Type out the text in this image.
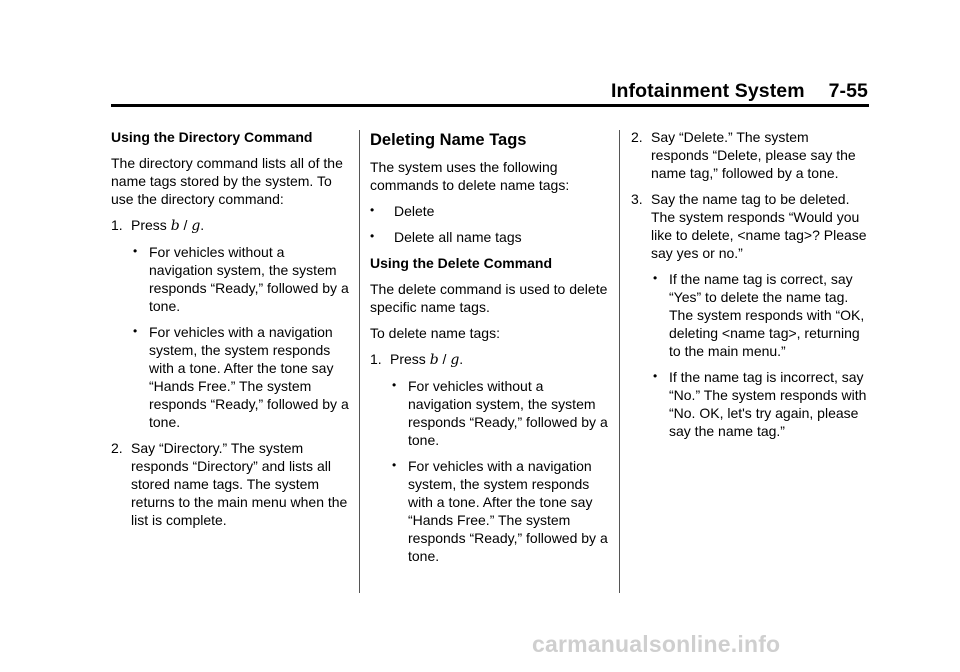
Infotainment System 7-55

Using the Directory Command

The directory command lists all of the name tags stored by the system. To use the directory command:

1. Press b / g.

• For vehicles without a navigation system, the system responds “Ready,” followed by a tone.

• For vehicles with a navigation system, the system responds with a tone. After the tone say “Hands Free.” The system responds “Ready,” followed by a tone.

2. Say “Directory.” The system responds “Directory” and lists all stored name tags. The system returns to the main menu when the list is complete.

Deleting Name Tags

The system uses the following commands to delete name tags:

• Delete

• Delete all name tags

Using the Delete Command

The delete command is used to delete specific name tags.

To delete name tags:

1. Press b / g.

• For vehicles without a navigation system, the system responds “Ready,” followed by a tone.

• For vehicles with a navigation system, the system responds with a tone. After the tone say “Hands Free.” The system responds “Ready,” followed by a tone.

2. Say “Delete.” The system responds “Delete, please say the name tag,” followed by a tone.

3. Say the name tag to be deleted. The system responds “Would you like to delete, <name tag>? Please say yes or no.”

• If the name tag is correct, say “Yes” to delete the name tag. The system responds with “OK, deleting <name tag>, returning to the main menu.”

• If the name tag is incorrect, say “No.” The system responds with “No. OK, let's try again, please say the name tag.”

carmanualsonline.info
